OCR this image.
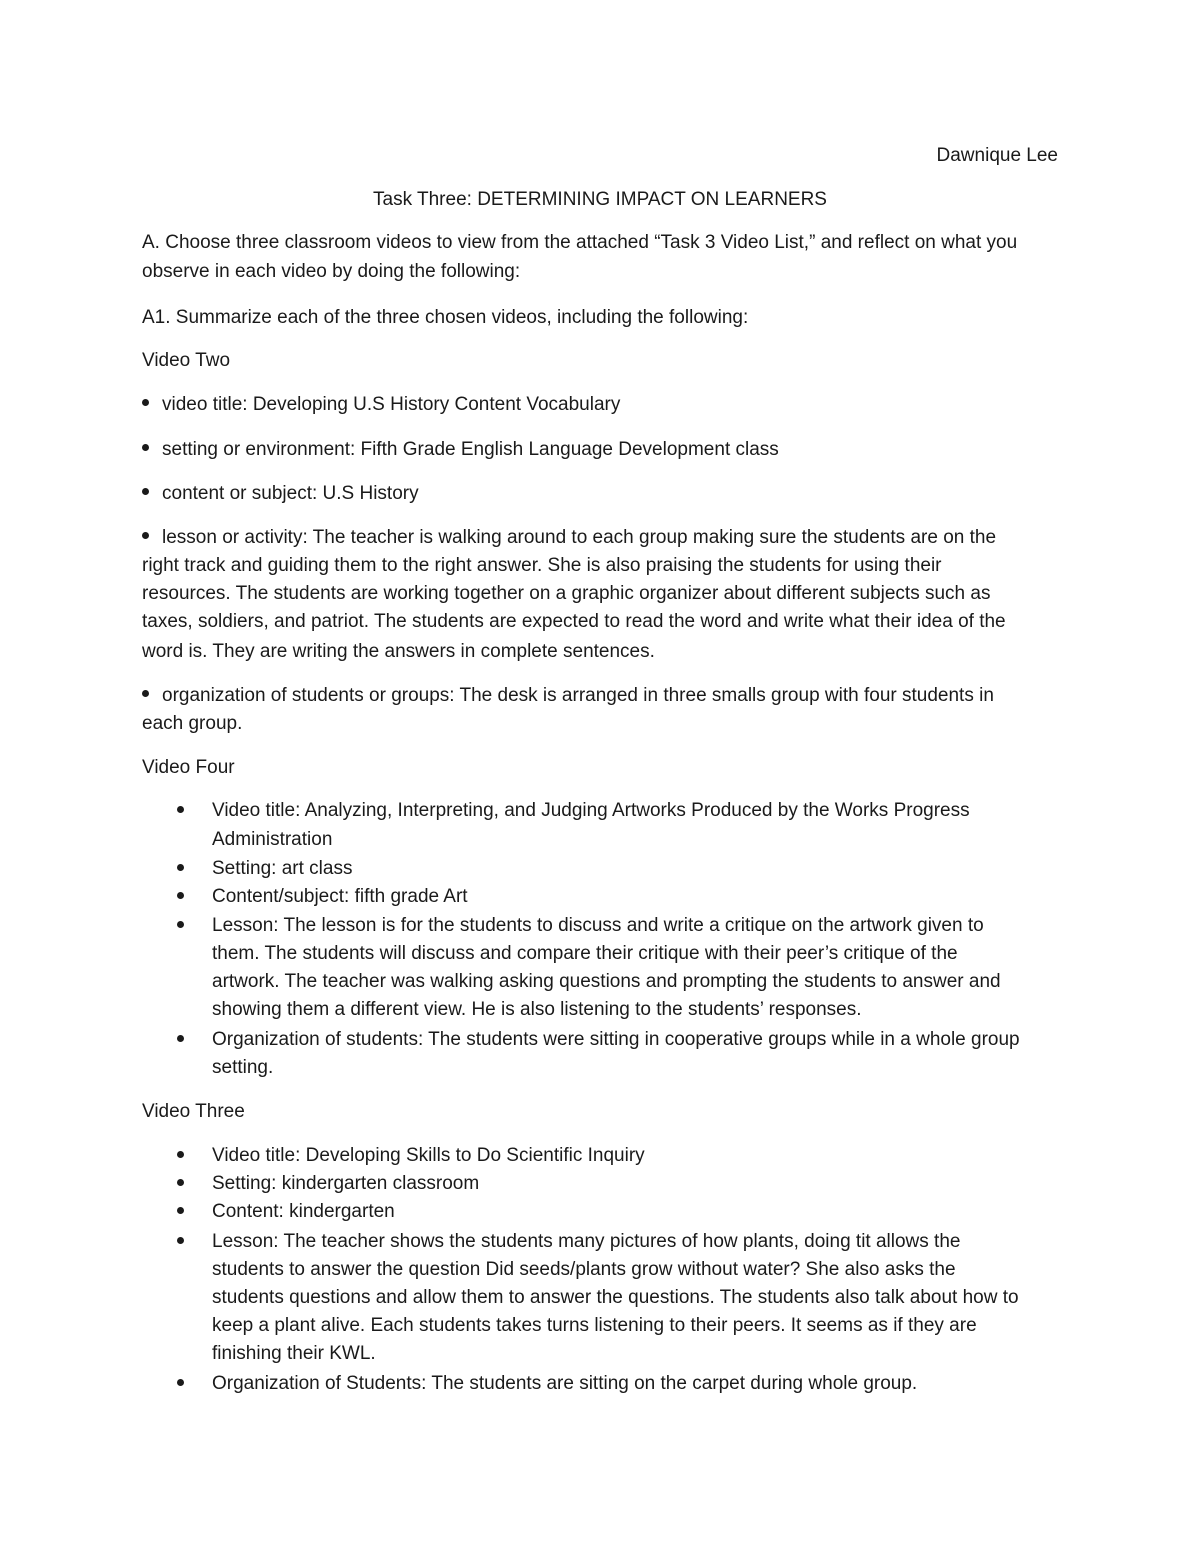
Dawnique Lee
Task Three: DETERMINING IMPACT ON LEARNERS
A. Choose three classroom videos to view from the attached “Task 3 Video List,” and reflect on what you
observe in each video by doing the following:
A1. Summarize each of the three chosen videos, including the following:
Video Two
video title: Developing U.S History Content Vocabulary
setting or environment: Fifth Grade English Language Development class
content or subject: U.S History
lesson or activity: The teacher is walking around to each group making sure the students are on the
right track and guiding them to the right answer. She is also praising the students for using their
resources. The students are working together on a graphic organizer about different subjects such as
taxes, soldiers, and patriot. The students are expected to read the word and write what their idea of the
word is. They are writing the answers in complete sentences.
organization of students or groups: The desk is arranged in three smalls group with four students in
each group.
Video Four
Video title: Analyzing, Interpreting, and Judging Artworks Produced by the Works Progress
Administration
Setting: art class
Content/subject: fifth grade Art
Lesson: The lesson is for the students to discuss and write a critique on the artwork given to
them. The students will discuss and compare their critique with their peer’s critique of the
artwork. The teacher was walking asking questions and prompting the students to answer and
showing them a different view. He is also listening to the students’ responses.
Organization of students: The students were sitting in cooperative groups while in a whole group
setting.
Video Three
Video title: Developing Skills to Do Scientific Inquiry
Setting: kindergarten classroom
Content: kindergarten
Lesson: The teacher shows the students many pictures of how plants, doing tit allows the
students to answer the question Did seeds/plants grow without water? She also asks the
students questions and allow them to answer the questions. The students also talk about how to
keep a plant alive. Each students takes turns listening to their peers. It seems as if they are
finishing their KWL.
Organization of Students: The students are sitting on the carpet during whole group.
